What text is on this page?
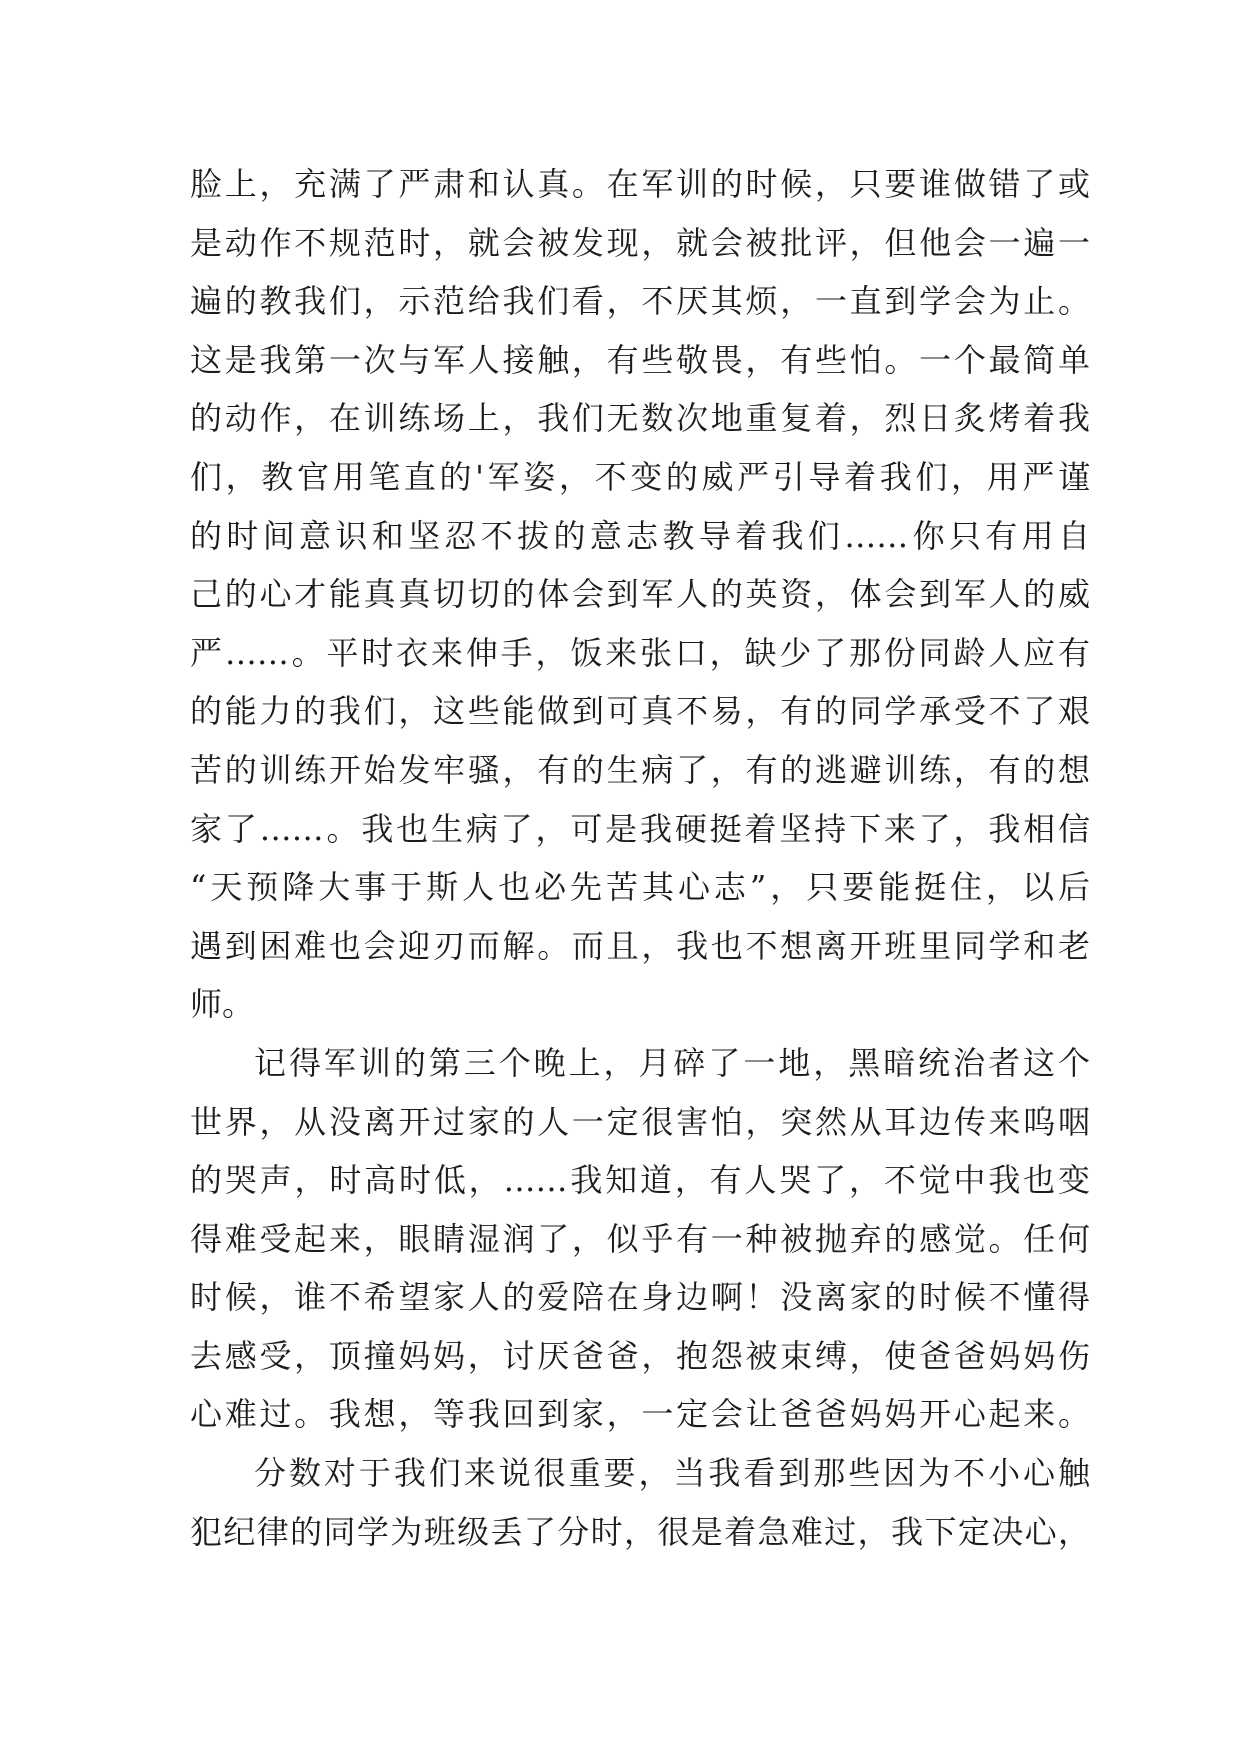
脸上，充满了严肃和认真。在军训的时候，只要谁做错了或
是动作不规范时，就会被发现，就会被批评，但他会一遍一
遍的教我们，示范给我们看，不厌其烦，一直到学会为止。
这是我第一次与军人接触，有些敬畏，有些怕。一个最简单
的动作，在训练场上，我们无数次地重复着，烈日炙烤着我
们，教官用笔直的'军姿，不变的威严引导着我们，用严谨
的时间意识和坚忍不拔的意志教导着我们……你只有用自
己的心才能真真切切的体会到军人的英资，体会到军人的威
严……。平时衣来伸手，饭来张口，缺少了那份同龄人应有
的能力的我们，这些能做到可真不易，有的同学承受不了艰
苦的训练开始发牢骚，有的生病了，有的逃避训练，有的想
家了……。我也生病了，可是我硬挺着坚持下来了，我相信
“天预降大事于斯人也必先苦其心志”，只要能挺住，以后
遇到困难也会迎刃而解。而且，我也不想离开班里同学和老
师。
记得军训的第三个晚上，月碎了一地，黑暗统治者这个
世界，从没离开过家的人一定很害怕，突然从耳边传来呜咽
的哭声，时高时低，……我知道，有人哭了，不觉中我也变
得难受起来，眼睛湿润了，似乎有一种被抛弃的感觉。任何
时候，谁不希望家人的爱陪在身边啊！没离家的时候不懂得
去感受，顶撞妈妈，讨厌爸爸，抱怨被束缚，使爸爸妈妈伤
心难过。我想，等我回到家，一定会让爸爸妈妈开心起来。
分数对于我们来说很重要，当我看到那些因为不小心触
犯纪律的同学为班级丢了分时，很是着急难过，我下定决心，
